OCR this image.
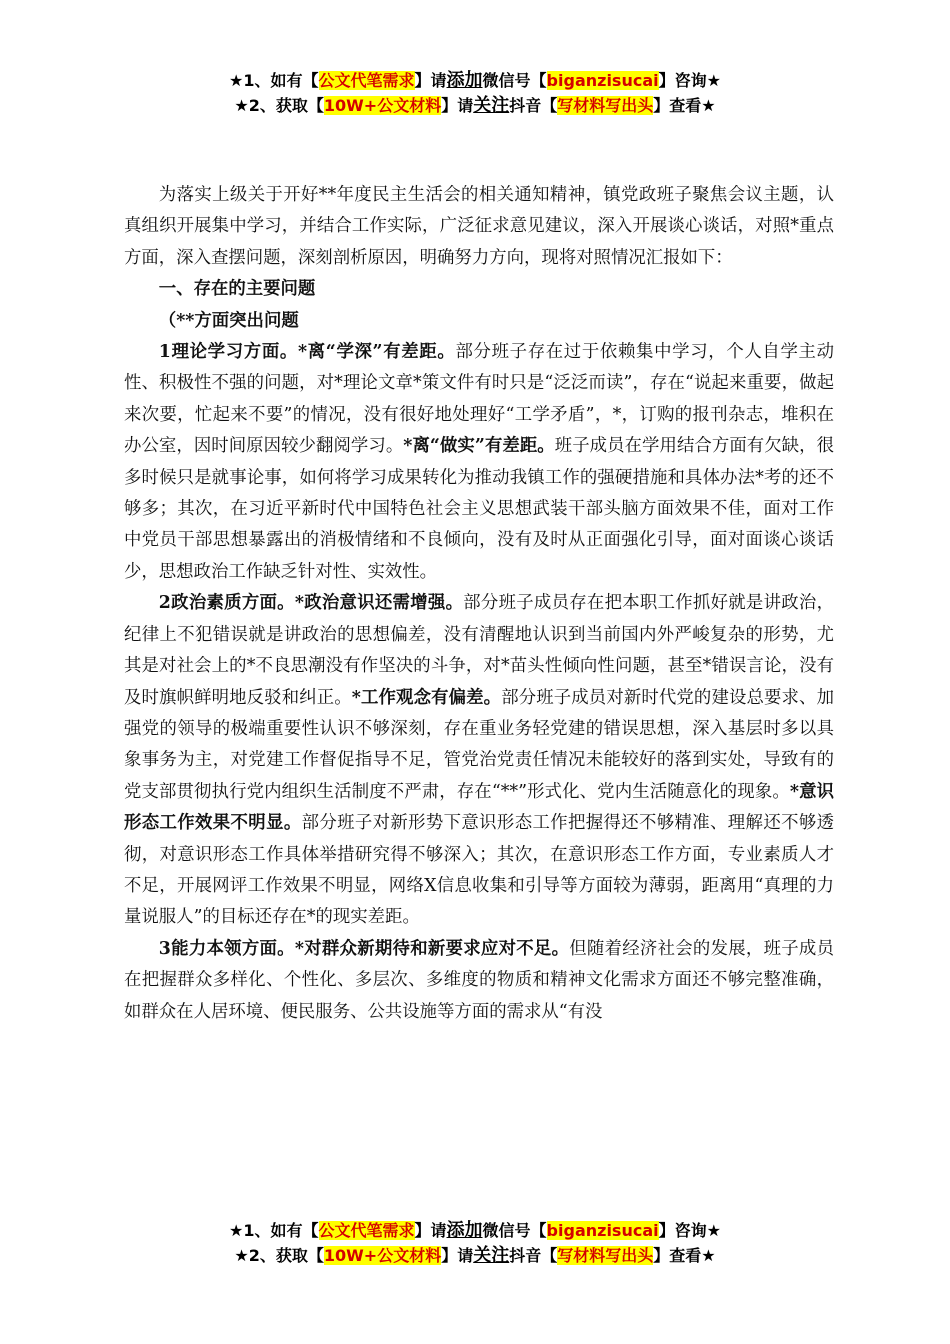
★1、如有【公文代笔需求】请添加微信号【biganzisucai】咨询★
★2、获取【10W+公文材料】请关注抖音【写材料写出头】查看★

为落实上级关于开好**年度民主生活会的相关通知精神，镇党政班子聚焦会议主题，认真组织开展集中学习，并结合工作实际，广泛征求意见建议，深入开展谈心谈话，对照*重点方面，深入查摆问题，深刻剖析原因，明确努力方向，现将对照情况汇报如下：

一、存在的主要问题

（**方面突出问题

1理论学习方面。*离“学深”有差距。部分班子存在过于依赖集中学习，个人自学主动性、积极性不强的问题，对*理论文章*策文件有时只是“泛泛而读”，存在“说起来重要，做起来次要，忙起来不要”的情况，没有很好地处理好“工学矛盾”，*，订购的报刊杂志，堆积在办公室，因时间原因较少翻阅学习。*离“做实”有差距。班子成员在学用结合方面有欠缺，很多时候只是就事论事，如何将学习成果转化为推动我镇工作的强硬措施和具体办法*考的还不够多；其次，在习近平新时代中国特色社会主义思想武装干部头脑方面效果不佳，面对工作中党员干部思想暴露出的消极情绪和不良倾向，没有及时从正面强化引导，面对面谈心谈话少，思想政治工作缺乏针对性、实效性。

2政治素质方面。*政治意识还需增强。部分班子成员存在把本职工作抓好就是讲政治，纪律上不犯错误就是讲政治的思想偏差，没有清醒地认识到当前国内外严峻复杂的形势，尤其是对社会上的*不良思潮没有作坚决的斗争，对*苗头性倾向性问题，甚至*错误言论，没有及时旗帜鲜明地反驳和纠正。*工作观念有偏差。部分班子成员对新时代党的建设总要求、加强党的领导的极端重要性认识不够深刻，存在重业务轻党建的错误思想，深入基层时多以具象事务为主，对党建工作督促指导不足，管党治党责任情况未能较好的落到实处，导致有的党支部贯彻执行党内组织生活制度不严肃，存在“**”形式化、党内生活随意化的现象。*意识形态工作效果不明显。部分班子对新形势下意识形态工作把握得还不够精准、理解还不够透彻，对意识形态工作具体举措研究得不够深入；其次，在意识形态工作方面，专业素质人才不足，开展网评工作效果不明显，网络X信息收集和引导等方面较为薄弱，距离用“真理的力量说服人”的目标还存在*的现实差距。

3能力本领方面。*对群众新期待和新要求应对不足。但随着经济社会的发展，班子成员在把握群众多样化、个性化、多层次、多维度的物质和精神文化需求方面还不够完整准确，如群众在人居环境、便民服务、公共设施等方面的需求从“有没

★1、如有【公文代笔需求】请添加微信号【biganzisucai】咨询★
★2、获取【10W+公文材料】请关注抖音【写材料写出头】查看★
